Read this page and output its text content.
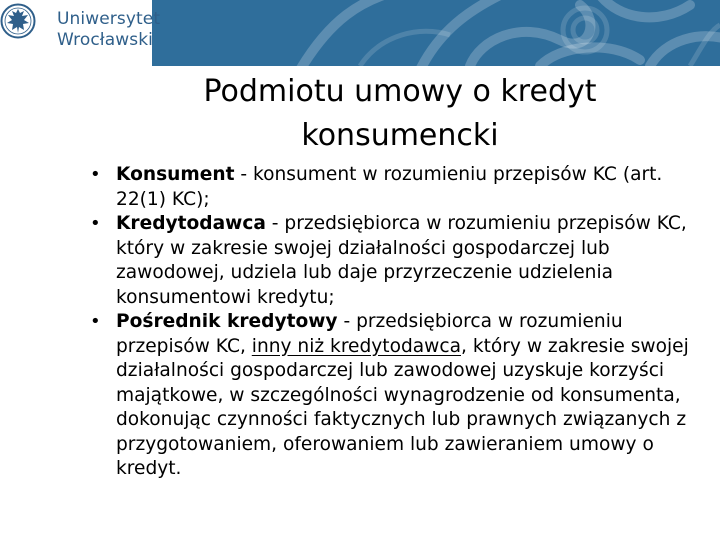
Uniwersytet
Wrocławski
Podmiotu umowy o kredyt
konsumencki
• Konsument - konsument w rozumieniu przepisów KC (art. 22(1) KC);
• Kredytodawca - przedsiębiorca w rozumieniu przepisów KC, który w zakresie swojej działalności gospodarczej lub zawodowej, udziela lub daje przyrzeczenie udzielenia konsumentowi kredytu;
• Pośrednik kredytowy - przedsiębiorca w rozumieniu przepisów KC, inny niż kredytodawca, który w zakresie swojej działalności gospodarczej lub zawodowej uzyskuje korzyści majątkowe, w szczególności wynagrodzenie od konsumenta, dokonując czynności faktycznych lub prawnych związanych z przygotowaniem, oferowaniem lub zawieraniem umowy o kredyt.
